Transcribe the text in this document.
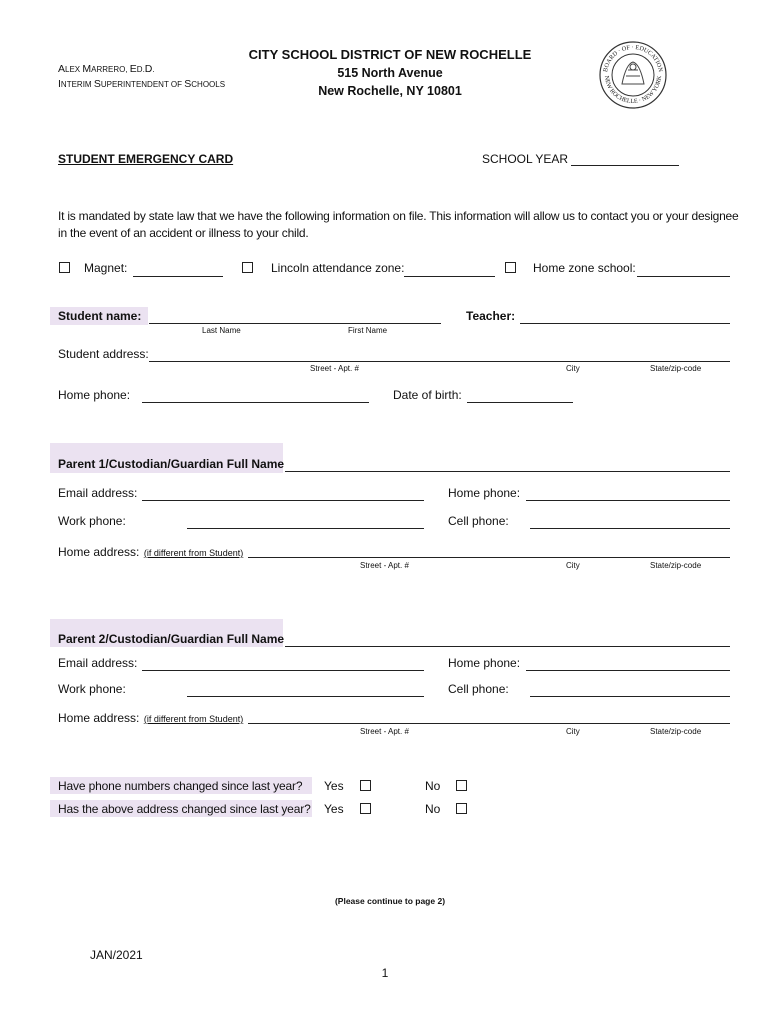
ALEX MARRERO, ED.D.
INTERIM SUPERINTENDENT OF SCHOOLS
CITY SCHOOL DISTRICT OF NEW ROCHELLE
515 North Avenue
New Rochelle, NY 10801
BOARD · OF · EDUCATION
NEW ROCHELLE · NEW YORK
STUDENT EMERGENCY CARD	SCHOOL YEAR
It is mandated by state law that we have the following information on file. This information will allow us to contact you or your designee
in the event of an accident or illness to your child.
Magnet:	Lincoln attendance zone:	Home zone school:
Student name:
Last Name	First Name
Teacher:
Student address:
Street - Apt. #	City	State/zip-code
Home phone:	Date of birth:
Parent 1/Custodian/Guardian Full Name
Email address:	Home phone:
Work phone:	Cell phone:
Home address: (if different from Student)
Street - Apt. #	City	State/zip-code
Parent 2/Custodian/Guardian Full Name
Email address:	Home phone:
Work phone:	Cell phone:
Home address: (if different from Student)
Street - Apt. #	City	State/zip-code
Have phone numbers changed since last year? Yes	No
Has the above address changed since last year? Yes	No
(Please continue to page 2)
JAN/2021
1
